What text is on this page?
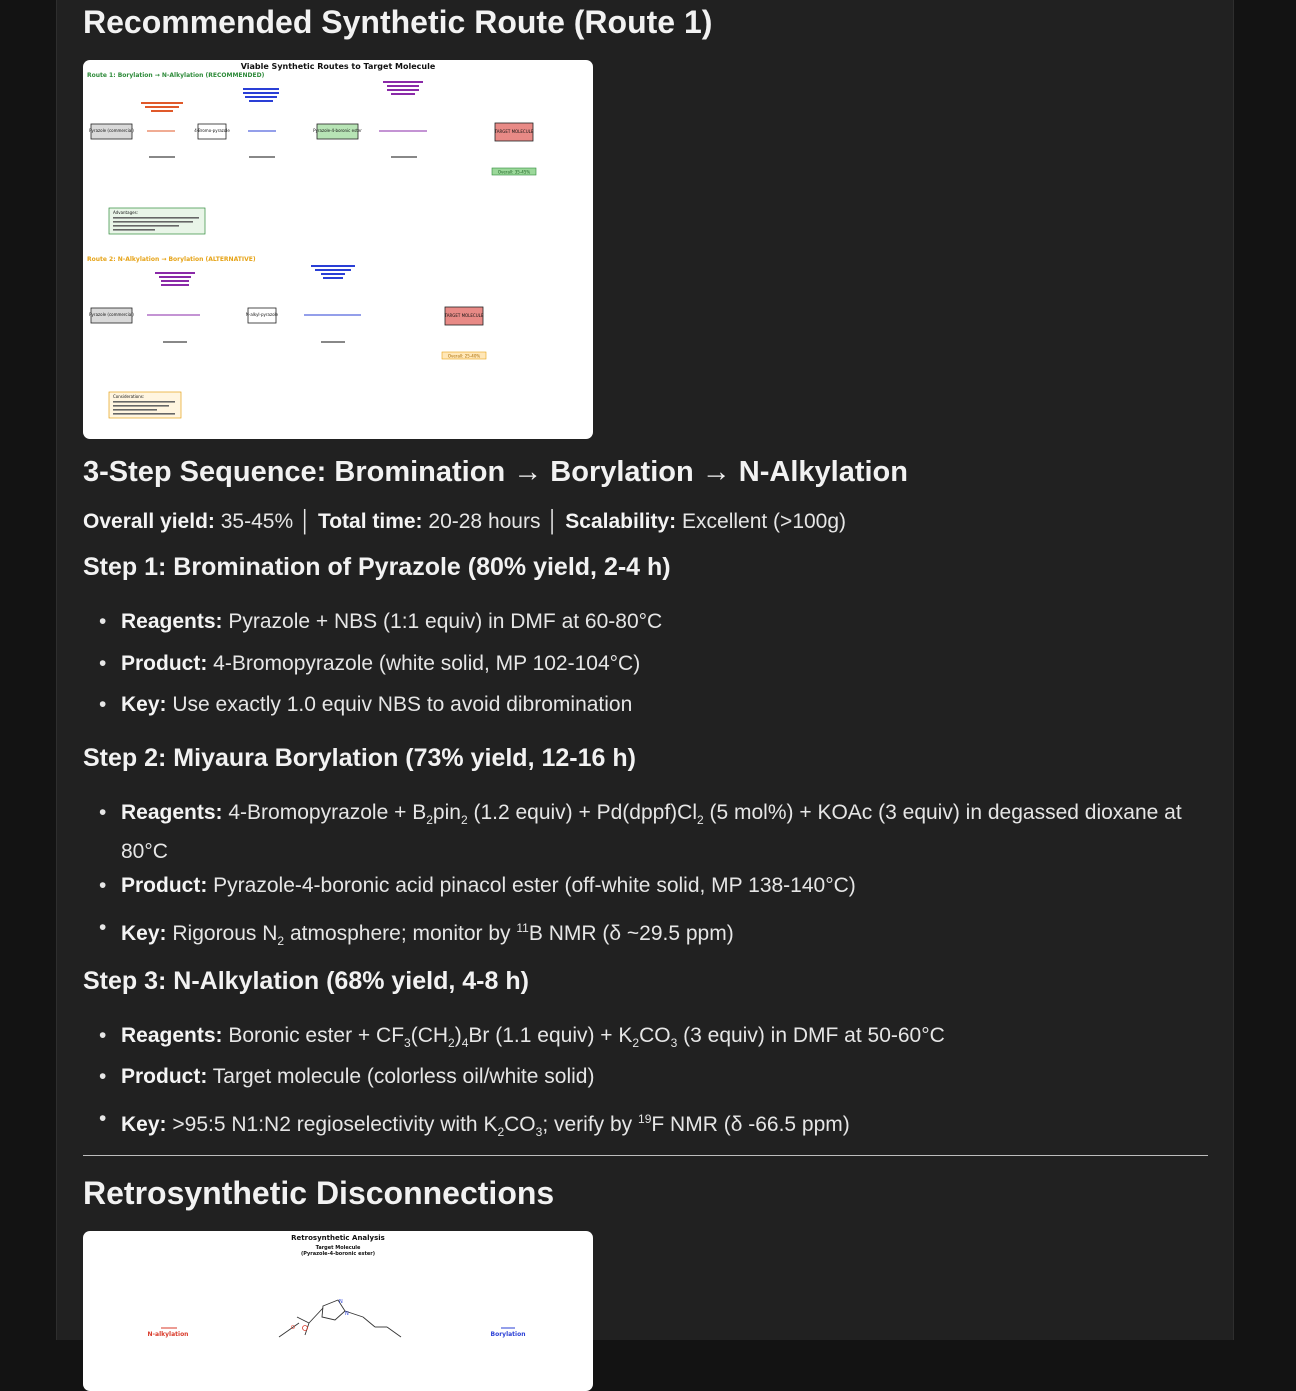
Recommended Synthetic Route (Route 1)
Viable Synthetic Routes to Target Molecule
Route 1: Borylation → N-Alkylation (RECOMMENDED)
Pyrazole (commercial)	4-Bromo-pyrazole	Pyrazole-4-boronic ester	TARGET MOLECULE
Overall: 35-45%
Advantages:
Route 2: N-Alkylation → Borylation (ALTERNATIVE)
Pyrazole (commercial)	N-alkyl-pyrazole	TARGET MOLECULE
Overall: 25-40%
Considerations:
3-Step Sequence: Bromination → Borylation → N-Alkylation
Overall yield: 35-45% │ Total time: 20-28 hours │ Scalability: Excellent (>100g)
Step 1: Bromination of Pyrazole (80% yield, 2-4 h)
• Reagents: Pyrazole + NBS (1:1 equiv) in DMF at 60-80°C
• Product: 4-Bromopyrazole (white solid, MP 102-104°C)
• Key: Use exactly 1.0 equiv NBS to avoid dibromination
Step 2: Miyaura Borylation (73% yield, 12-16 h)
• Reagents: 4-Bromopyrazole + $B_2pin_2$ (1.2 equiv) + $Pd(dppf)Cl_2$ (5 mol%) + KOAc (3 equiv) in degassed dioxane at 80°C
• Product: Pyrazole-4-boronic acid pinacol ester (off-white solid, MP 138-140°C)
• Key: Rigorous $N_2$ atmosphere; monitor by $^{11}$B NMR (δ ~29.5 ppm)
Step 3: N-Alkylation (68% yield, 4-8 h)
• Reagents: Boronic ester + $CF_3(CH_2)_4Br$ (1.1 equiv) + $K_2CO_3$ (3 equiv) in DMF at 50-60°C
• Product: Target molecule (colorless oil/white solid)
• Key: >95:5 N1:N2 regioselectivity with $K_2CO_3$; verify by $^{19}$F NMR (δ -66.5 ppm)
Retrosynthetic Disconnections
Retrosynthetic Analysis
Target Molecule
(Pyrazole-4-boronic ester)
O
N
N
N-alkylation	Borylation
